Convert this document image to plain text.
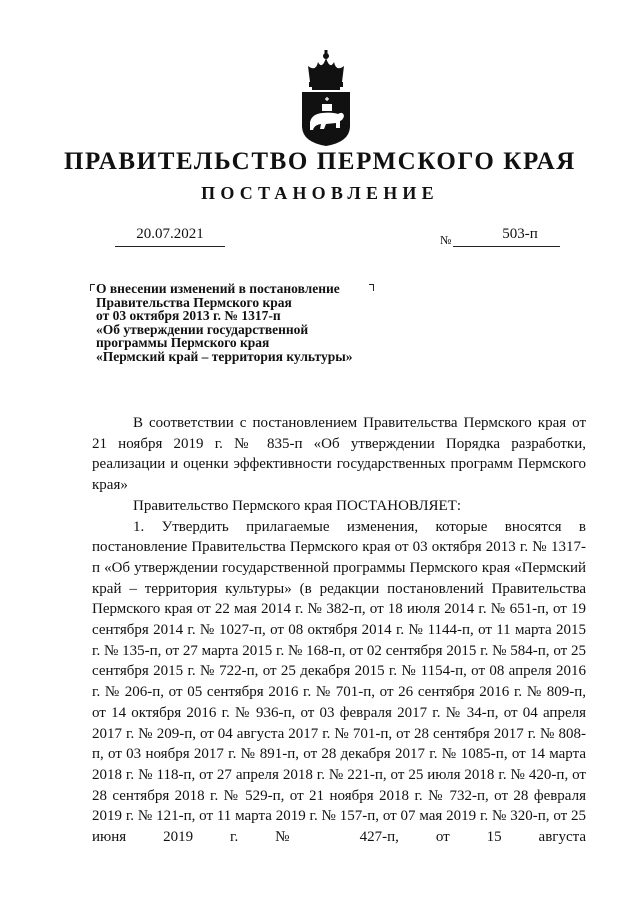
ПРАВИТЕЛЬСТВО ПЕРМСКОГО КРАЯ
ПОСТАНОВЛЕНИЕ
20.07.2021	№	503-п
О внесении изменений в постановление
Правительства Пермского края
от 03 октября 2013 г. № 1317-п
«Об утверждении государственной
программы Пермского края
«Пермский край – территория культуры»

В соответствии с постановлением Правительства Пермского края от 21 ноября 2019 г. № 835-п «Об утверждении Порядка разработки, реализации и оценки эффективности государственных программ Пермского края»

Правительство Пермского края ПОСТАНОВЛЯЕТ:

1. Утвердить прилагаемые изменения, которые вносятся в постановление Правительства Пермского края от 03 октября 2013 г. № 1317-п «Об утверждении государственной программы Пермского края «Пермский край – территория культуры» (в редакции постановлений Правительства Пермского края от 22 мая 2014 г. № 382-п, от 18 июля 2014 г. № 651-п, от 19 сентября 2014 г. № 1027-п, от 08 октября 2014 г. № 1144-п, от 11 марта 2015 г. № 135-п, от 27 марта 2015 г. № 168-п, от 02 сентября 2015 г. № 584-п, от 25 сентября 2015 г. № 722-п, от 25 декабря 2015 г. № 1154-п, от 08 апреля 2016 г. № 206-п, от 05 сентября 2016 г. № 701-п, от 26 сентября 2016 г. № 809-п, от 14 октября 2016 г. № 936-п, от 03 февраля 2017 г. № 34-п, от 04 апреля 2017 г. № 209-п, от 04 августа 2017 г. № 701-п, от 28 сентября 2017 г. № 808-п, от 03 ноября 2017 г. № 891-п, от 28 декабря 2017 г. № 1085-п, от 14 марта 2018 г. № 118-п, от 27 апреля 2018 г. № 221-п, от 25 июля 2018 г. № 420-п, от 28 сентября 2018 г. № 529-п, от 21 ноября 2018 г. № 732-п, от 28 февраля 2019 г. № 121-п, от 11 марта 2019 г. № 157-п, от 07 мая 2019 г. № 320-п, от 25 июня 2019 г. № 427-п, от 15 августа
